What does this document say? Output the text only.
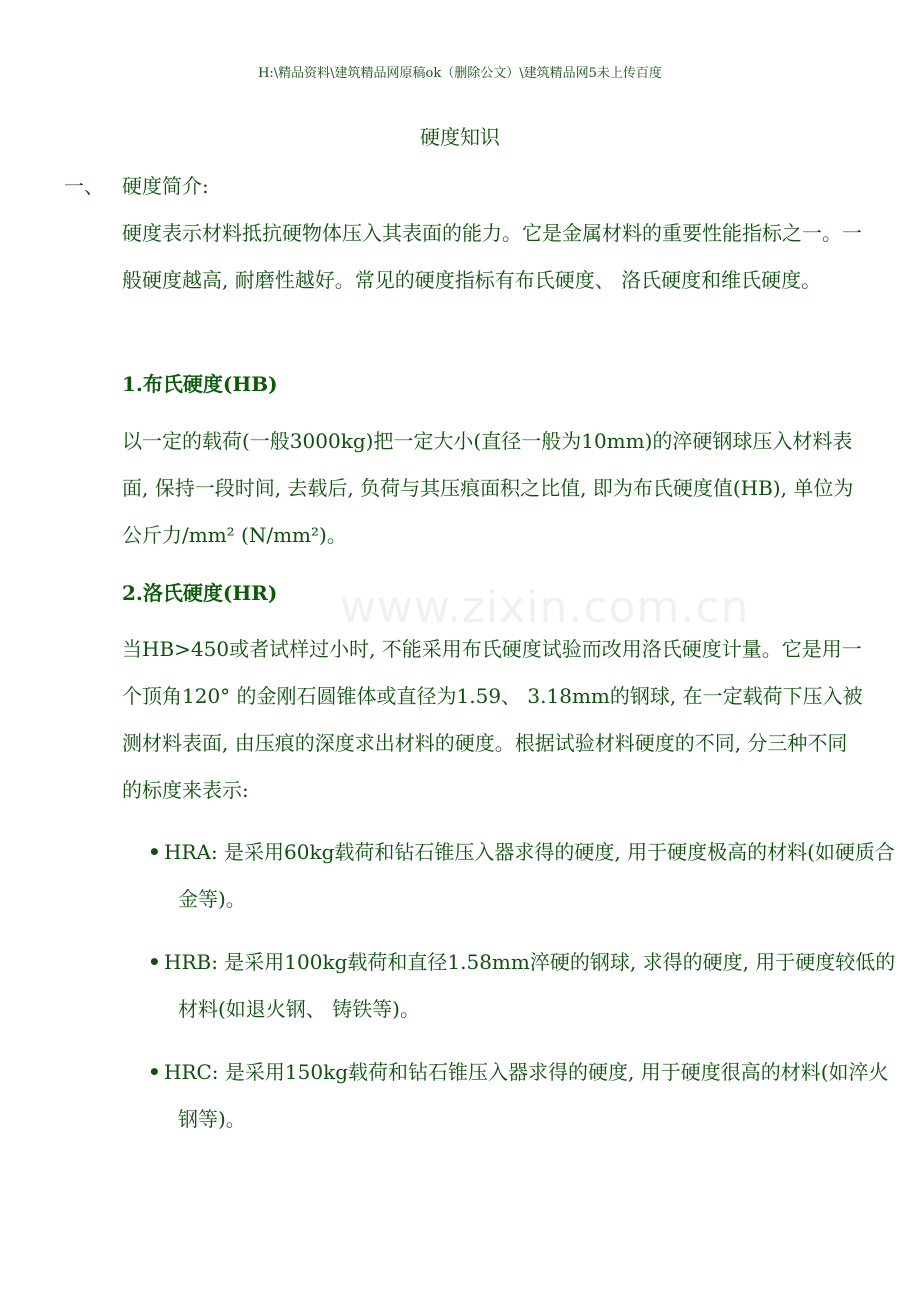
H:\精品资料\建筑精品网原稿ok（删除公文）\建筑精品网5未上传百度
硬度知识
一、 硬度简介:
硬度表示材料抵抗硬物体压入其表面的能力。它是金属材料的重要性能指标之一。一般硬度越高, 耐磨性越好。常见的硬度指标有布氏硬度、 洛氏硬度和维氏硬度。
1.布氏硬度(HB)
以一定的载荷(一般3000kg)把一定大小(直径一般为10mm)的淬硬钢球压入材料表面, 保持一段时间, 去载后, 负荷与其压痕面积之比值, 即为布氏硬度值(HB), 单位为公斤力/mm² (N/mm²)。
2.洛氏硬度(HR)
当HB>450或者试样过小时, 不能采用布氏硬度试验而改用洛氏硬度计量。它是用一个顶角120° 的金刚石圆锥体或直径为1.59、 3.18mm的钢球, 在一定载荷下压入被测材料表面, 由压痕的深度求出材料的硬度。根据试验材料硬度的不同, 分三种不同的标度来表示:
• HRA: 是采用60kg载荷和钻石锥压入器求得的硬度, 用于硬度极高的材料(如硬质合金等)。
• HRB: 是采用100kg载荷和直径1.58mm淬硬的钢球, 求得的硬度, 用于硬度较低的材料(如退火钢、 铸铁等)。
• HRC: 是采用150kg载荷和钻石锥压入器求得的硬度, 用于硬度很高的材料(如淬火钢等)。
www.zixin.com.cn
